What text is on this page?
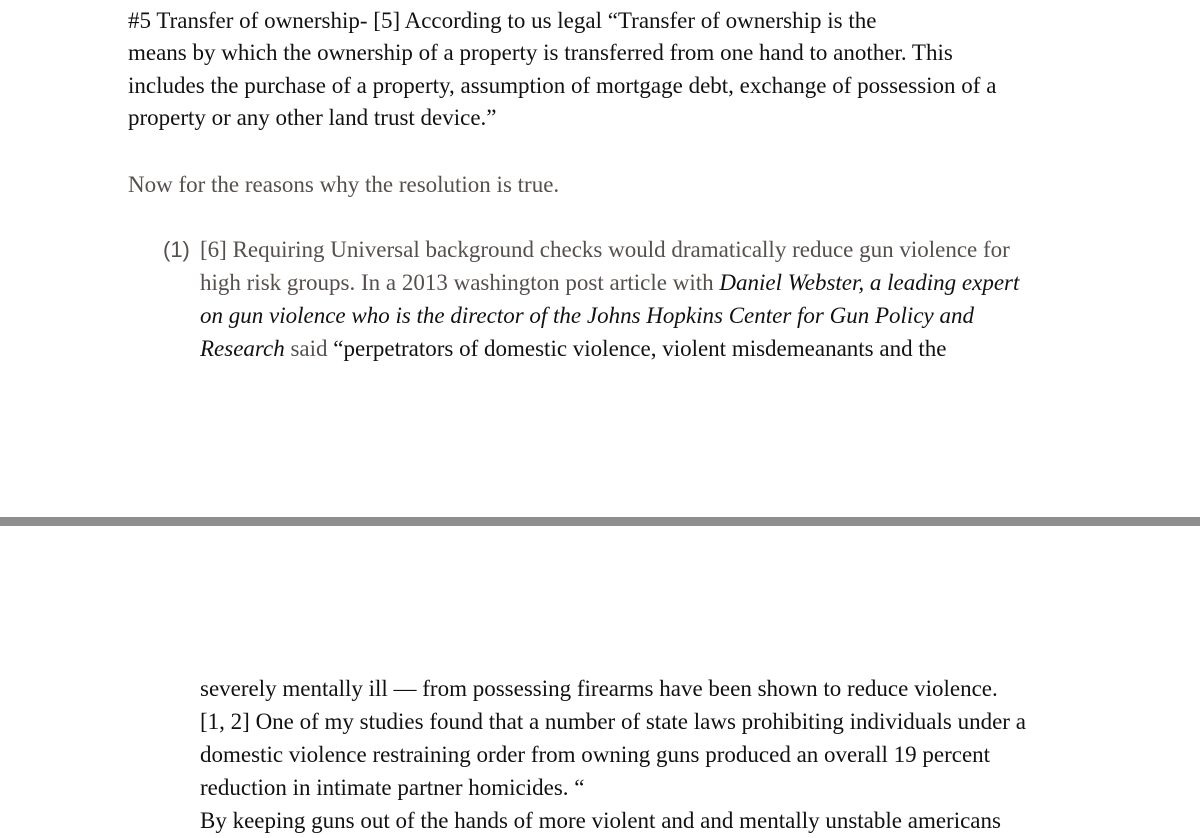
#5 Transfer of ownership- [5] According to us legal “Transfer of ownership is the
means by which the ownership of a property is transferred from one hand to another. This
includes the purchase of a property, assumption of mortgage debt, exchange of possession of a
property or any other land trust device.”
Now for the reasons why the resolution is true.
(1) [6] Requiring Universal background checks would dramatically reduce gun violence for
high risk groups. In a 2013 washington post article with Daniel Webster, a leading expert
on gun violence who is the director of the Johns Hopkins Center for Gun Policy and
Research said “perpetrators of domestic violence, violent misdemeanants and the
severely mentally ill — from possessing firearms have been shown to reduce violence.
[1, 2] One of my studies found that a number of state laws prohibiting individuals under a
domestic violence restraining order from owning guns produced an overall 19 percent
reduction in intimate partner homicides. “
By keeping guns out of the hands of more violent and and mentally unstable americans
